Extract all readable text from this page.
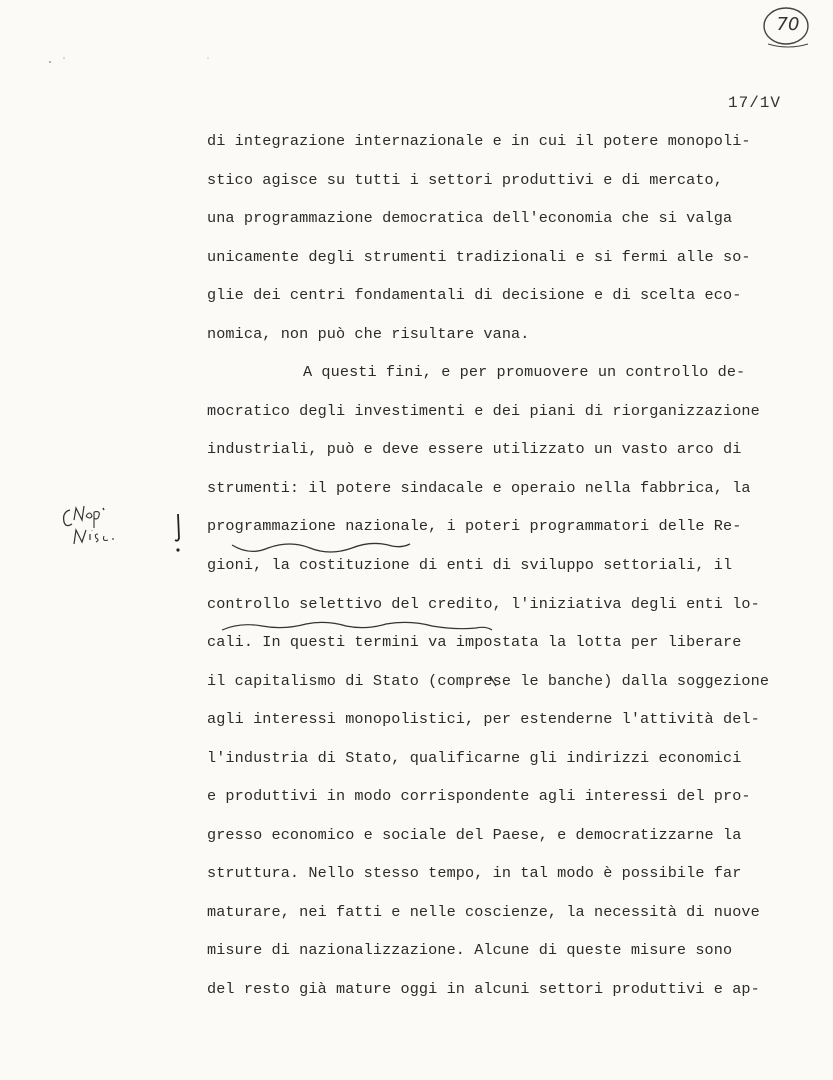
70
17/1V
di integrazione internazionale e in cui il potere monopoli-
stico agisce su tutti i settori produttivi e di mercato,
una programmazione democratica dell'economia che si valga
unicamente degli strumenti tradizionali e si fermi alle so-
glie dei centri fondamentali di decisione e di scelta eco-
nomica, non può che risultare vana.
A questi fini, e per promuovere un controllo de-
mocratico degli investimenti e dei piani di riorganizzazione
industriali, può e deve essere utilizzato un vasto arco di
strumenti: il potere sindacale e operaio nella fabbrica, la
programmazione nazionale, i poteri programmatori delle Re-
gioni, la costituzione di enti di sviluppo settoriali, il
controllo selettivo del credito, l'iniziativa degli enti lo-
cali. In questi termini va impostata la lotta per liberare
il capitalismo di Stato (comprese le banche) dalla soggezione
agli interessi monopolistici, per estenderne l'attività del-
l'industria di Stato, qualificarne gli indirizzi economici
e produttivi in modo corrispondente agli interessi del pro-
gresso economico e sociale del Paese, e democratizzarne la
struttura. Nello stesso tempo, in tal modo è possibile far
maturare, nei fatti e nelle coscienze, la necessità di nuove
misure di nazionalizzazione. Alcune di queste misure sono
del resto già mature oggi in alcuni settori produttivi e ap-
